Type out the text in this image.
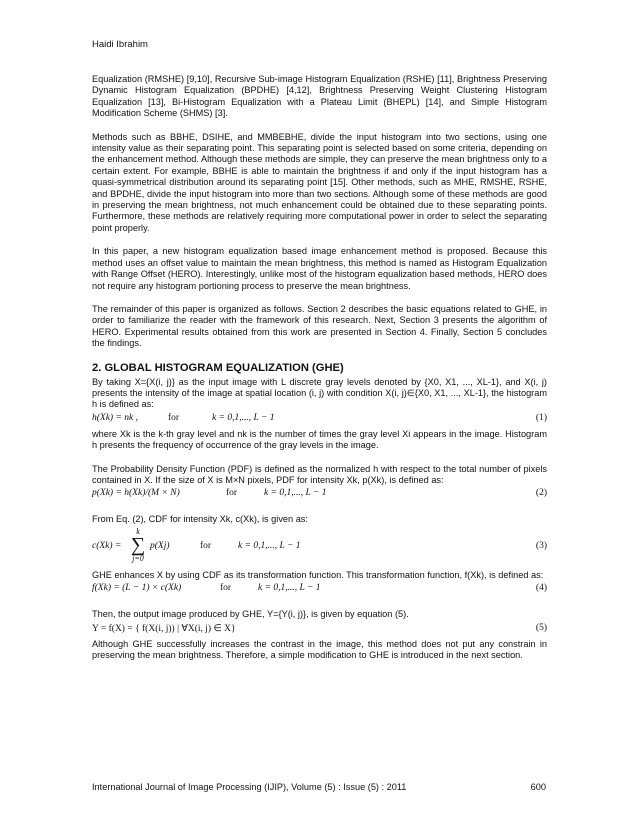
Haidi Ibrahim

Equalization (RMSHE) [9,10], Recursive Sub-image Histogram Equalization (RSHE) [11], Brightness Preserving Dynamic Histogram Equalization (BPDHE) [4,12], Brightness Preserving Weight Clustering Histogram Equalization [13], Bi-Histogram Equalization with a Plateau Limit (BHEPL) [14], and Simple Histogram Modification Scheme (SHMS) [3].

Methods such as BBHE, DSIHE, and MMBEBHE, divide the input histogram into two sections, using one intensity value as their separating point. This separating point is selected based on some criteria, depending on the enhancement method. Although these methods are simple, they can preserve the mean brightness only to a certain extent. For example, BBHE is able to maintain the brightness if and only if the input histogram has a quasi-symmetrical distribution around its separating point [15]. Other methods, such as MHE, RMSHE, RSHE, and BPDHE, divide the input histogram into more than two sections. Although some of these methods are good in preserving the mean brightness, not much enhancement could be obtained due to these separating points. Furthermore, these methods are relatively requiring more computational power in order to select the separating point properly.

In this paper, a new histogram equalization based image enhancement method is proposed. Because this method uses an offset value to maintain the mean brightness, this method is named as Histogram Equalization with Range Offset (HERO). Interestingly, unlike most of the histogram equalization based methods, HERO does not require any histogram portioning process to preserve the mean brightness.

The remainder of this paper is organized as follows. Section 2 describes the basic equations related to GHE, in order to familiarize the reader with the framework of this research. Next, Section 3 presents the algorithm of HERO. Experimental results obtained from this work are presented in Section 4. Finally, Section 5 concludes the findings.

2. GLOBAL HISTOGRAM EQUALIZATION (GHE)

By taking X={X(i, j)} as the input image with L discrete gray levels denoted by {X0, X1, ..., XL-1}, and X(i, j) presents the intensity of the image at spatial location (i, j) with condition X(i, j)∈{X0, X1, ..., XL-1}, the histogram h is defined as:

h(Xk) = nk ,	for	k = 0,1,..., L − 1	(1)

where Xk is the k-th gray level and nk is the number of times the gray level Xi appears in the image. Histogram h presents the frequency of occurrence of the gray levels in the image.

The Probability Density Function (PDF) is defined as the normalized h with respect to the total number of pixels contained in X. If the size of X is M×N pixels, PDF for intensity Xk, p(Xk), is defined as:

p(Xk) = h(Xk)/(M × N)	for	k = 0,1,..., L − 1	(2)

From Eq. (2), CDF for intensity Xk, c(Xk), is given as:

c(Xk) =
k
∑
j=0
p(Xj)	for	k = 0,1,..., L − 1	(3)

GHE enhances X by using CDF as its transformation function. This transformation function, f(Xk), is defined as:

f(Xk) = (L − 1) × c(Xk)	for	k = 0,1,..., L − 1	(4)

Then, the output image produced by GHE, Y={Y(i, j)}, is given by equation (5).

Y = f(X) = { f(X(i, j)) | ∀X(i, j) ∈ X}	(5)

Although GHE successfully increases the contrast in the image, this method does not put any constrain in preserving the mean brightness. Therefore, a simple modification to GHE is introduced in the next section.

International Journal of Image Processing (IJIP), Volume (5) : Issue (5) : 2011	600
